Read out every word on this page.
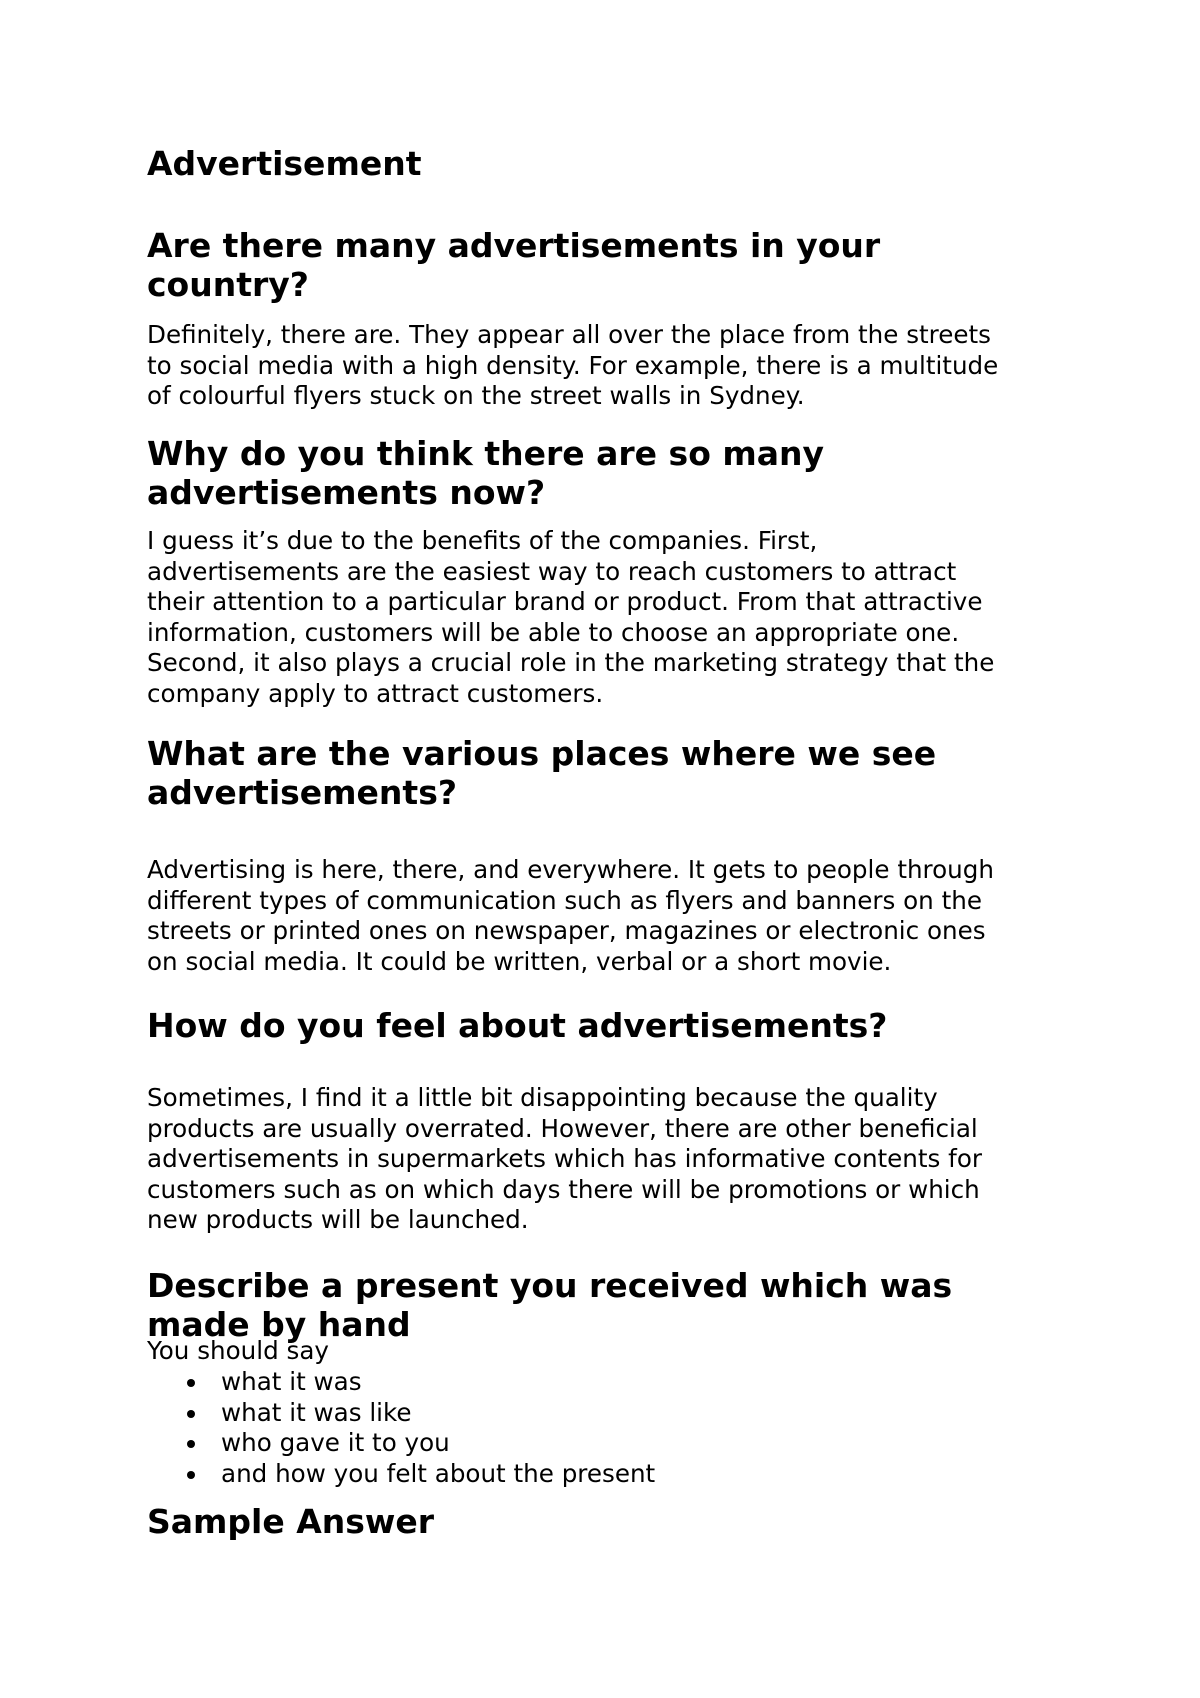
Advertisement
Are there many advertisements in your
country?

Definitely, there are. They appear all over the place from the streets
to social media with a high density. For example, there is a multitude
of colourful flyers stuck on the street walls in Sydney.

Why do you think there are so many
advertisements now?

I guess it’s due to the benefits of the companies. First,
advertisements are the easiest way to reach customers to attract
their attention to a particular brand or product. From that attractive
information, customers will be able to choose an appropriate one.
Second, it also plays a crucial role in the marketing strategy that the
company apply to attract customers.

What are the various places where we see
advertisements?

Advertising is here, there, and everywhere. It gets to people through
different types of communication such as flyers and banners on the
streets or printed ones on newspaper, magazines or electronic ones
on social media. It could be written, verbal or a short movie.

How do you feel about advertisements?

Sometimes, I find it a little bit disappointing because the quality
products are usually overrated. However, there are other beneficial
advertisements in supermarkets which has informative contents for
customers such as on which days there will be promotions or which
new products will be launched.

Describe a present you received which was
made by hand

You should say

what it was
what it was like
who gave it to you
and how you felt about the present
Sample Answer
